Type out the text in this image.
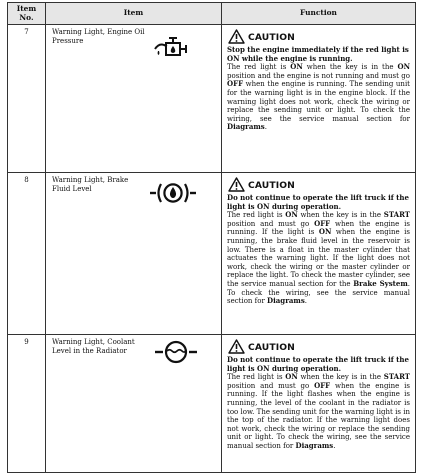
Item No.	Item	Function
7	Warning Light, Engine Oil Pressure	CAUTION
Stop the engine immediately if the red light is ON while the engine is running.
The red light is ON when the key is in the ON position and the engine is not running and must go OFF when the engine is running. The sending unit for the warning light is in the engine block. If the warning light does not work, check the wiring or replace the sending unit or light. To check the wiring, see the service manual section for Diagrams.

8	Warning Light, Brake Fluid Level	CAUTION
Do not continue to operate the lift truck if the light is ON during operation.
The red light is ON when the key is in the START position and must go OFF when the engine is running. If the light is ON when the engine is running, the brake fluid level in the reservoir is low. There is a float in the master cylinder that actuates the warning light. If the light does not work, check the wiring or the master cylinder or replace the light. To check the master cylinder, see the service manual section for the Brake System. To check the wiring, see the service manual section for Diagrams.

9	Warning Light, Coolant Level in the Radiator	CAUTION
Do not continue to operate the lift truck if the light is ON during operation.
The red light is ON when the key is in the START position and must go OFF when the engine is running. If the light flashes when the engine is running, the level of the coolant in the radiator is too low. The sending unit for the warning light is in the top of the radiator. If the warning light does not work, check the wiring or replace the sending unit or light. To check the wiring, see the service manual section for Diagrams.
